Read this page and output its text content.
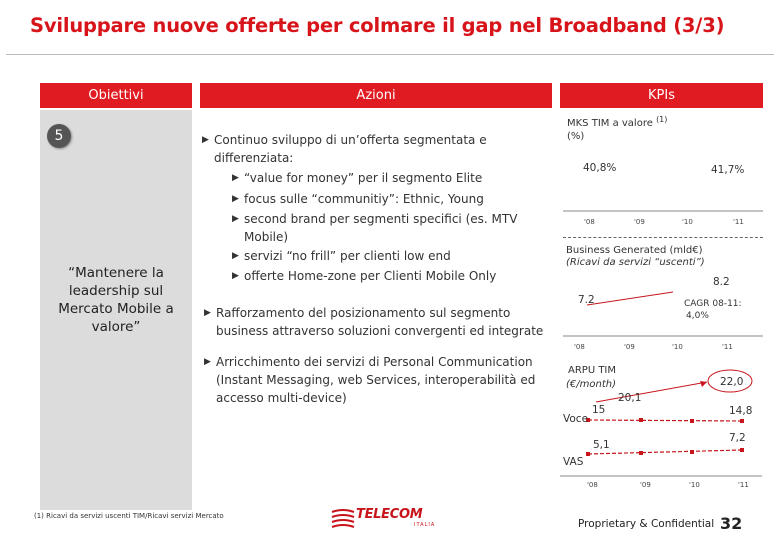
Sviluppare nuove offerte per colmare il gap nel Broadband (3/3)
Obiettivi	Azioni	KPIs
5
“Mantenere la leadership sul Mercato Mobile a valore”
▶ Continuo sviluppo di un’offerta segmentata e differenziata:
▶ “value for money” per il segmento Elite
▶ focus sulle “communitiy”: Ethnic, Young
▶ second brand per segmenti specifici (es. MTV Mobile)
▶ servizi “no frill” per clienti low end
▶ offerte Home-zone per Clienti Mobile Only
▶ Rafforzamento del posizionamento sul segmento business attraverso soluzioni convergenti ed integrate
▶ Arricchimento dei servizi di Personal Communication (Instant Messaging, web Services, interoperabilità ed accesso multi-device)
MKS TIM a valore $^{(1)}$
(%)
40,8%	41,7%
'08	'09	'10	'11
Business Generated (mld€)
(Ricavi da servizi “uscenti”)
7.2
8.2
CAGR 08-11:
4,0%
'08	'09	'10	'11
ARPU TIM
(€/month)
20,1
22,0
Voce
15	14,8
5,1
7,2
VAS
'08	'09	'10	'11
(1) Ricavi da servizi uscenti TIM/Ricavi servizi Mercato	TELECOM
ITALIA	Proprietary & Confidential 32
